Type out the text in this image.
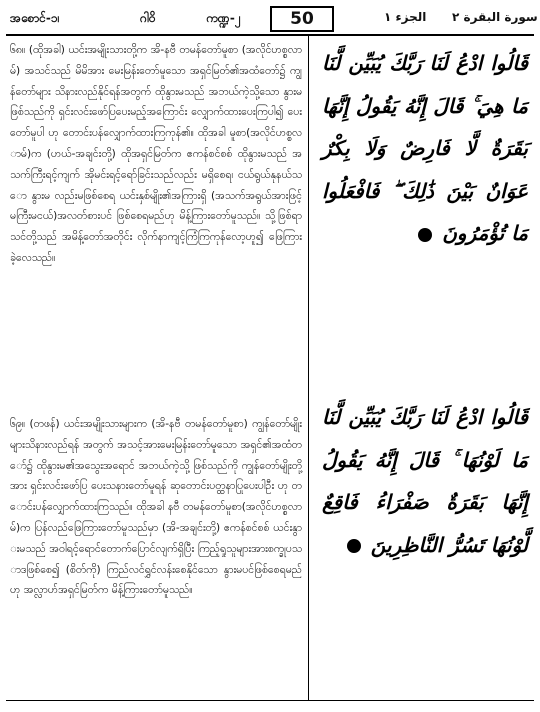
အစောင်-၁၊	ဂါဝိ	ကဏ္ဍ-၂	50	الجزء ١ سورة البقرة ٢

၆၈။ (ထိုအခါ) ယင်းအမျိုးသားတို့က အိ-နဗီ တမန်တော်မူစာ (အလိုင်ဟစ္စလာမ်) အသင်သည် မိမိအား မေးမြန်းတော်မူသော အရှင်မြတ်၏အထံတော်၌ ကျွန်တော်များ သိနားလည်နိုင်ရန်အတွက် ထိုနွားမသည် အဘယ်ကဲ့သို့သော နွားမဖြစ်သည်ကို ရှင်းလင်းဖော်ပြပေးမည့်အကြောင်း လျှောက်ထားပေးကြပါ၍ ပေးတော်မူပါ ဟု တောင်းပန်လျှောက်ထားကြကုန်၏။ ထိုအခါ မူစာ(အလိုင်ဟစ္စလာမ်)က (ဟယ်-အချင်းတို့) ထိုအရှင်မြတ်က ဧကန်စင်စစ် ထိုနွားမသည် အသက်ကြီးရင့်ကျက် အိုမင်းရင့်ရော်ခြင်းသည်လည်း မရှိစေရ၊ ငယ်ရွယ်နုနယ်သော နွားမ လည်းမဖြစ်စေရ ယင်းနှစ်မျိုး၏အကြားရှိ (အသက်အရွယ်အားဖြင့် မကြီးမငယ်)အလတ်စားပင် ဖြစ်စေရမည်ဟု မိန့်ကြားတော်မူသည်။ သို့ဖြစ်ရာ သင်တို့သည် အမိန့်တော်အတိုင်း လိုက်နာကျင့်ကြံကြကုန်လော့ဟူ၍ ဖြေကြားခဲ့လေသည်။

၆၉။ (တဖန်) ယင်းအမျိုးသားများက (အိ-နဗီ တမန်တော်မူစာ) ကျွန်တော်မျိုးများသိနားလည်ရန် အတွက် အသင့်အားမေးမြန်းတော်မူသော အရှင်၏အထံတော်၌ ထိုနွားမ၏အသွေးအရောင် အဘယ်ကဲ့သို့ ဖြစ်သည်ကို ကျွန်တော်မျိုးတို့အား ရှင်းလင်းဖော်ပြ ပေးသနားတော်မူရန် ဆုတောင်းပတ္ထနာပြုပေးပါဦး ဟု တောင်းပန်လျှောက်ထားကြသည်။ ထိုအခါ နဗီ တမန်တော်မူစာ(အလိုင်ဟစ္စလာမ်)က ပြန်လည်ဖြေကြားတော်မူသည်မှာ (အိ-အချင်းတို့) ဧကန်စင်စစ် ယင်းနွားမသည် အဝါရင့်ရောင်တောက်ပြောင်လျက်ရှိပြီး ကြည့်ရှုသူများအားစက္ခုပသာဒဖြစ်စေ၍ (စိတ်ကို) ကြည်လင်ရွှင်လန်းစေနိုင်သော နွားမပင်ဖြစ်စေရမည် ဟု အလ္လာဟ်အရှင်မြတ်က မိန့်ကြားတော်မူသည်။

قَالُوا ادْعُ لَنَا رَبَّكَ يُبَيِّن لَّنَا مَا هِيَ ۚ قَالَ إِنَّهُ يَقُولُ إِنَّهَا بَقَرَةٌ لَّا فَارِضٌ وَلَا بِكْرٌ عَوَانٌ بَيْنَ ذَٰلِكَ ۖ فَافْعَلُوا مَا تُؤْمَرُونَ

قَالُوا ادْعُ لَنَا رَبَّكَ يُبَيِّن لَّنَا مَا لَوْنُهَا ۚ قَالَ إِنَّهُ يَقُولُ إِنَّهَا بَقَرَةٌ صَفْرَاءُ فَاقِعٌ لَّوْنُهَا تَسُرُّ النَّاظِرِينَ
